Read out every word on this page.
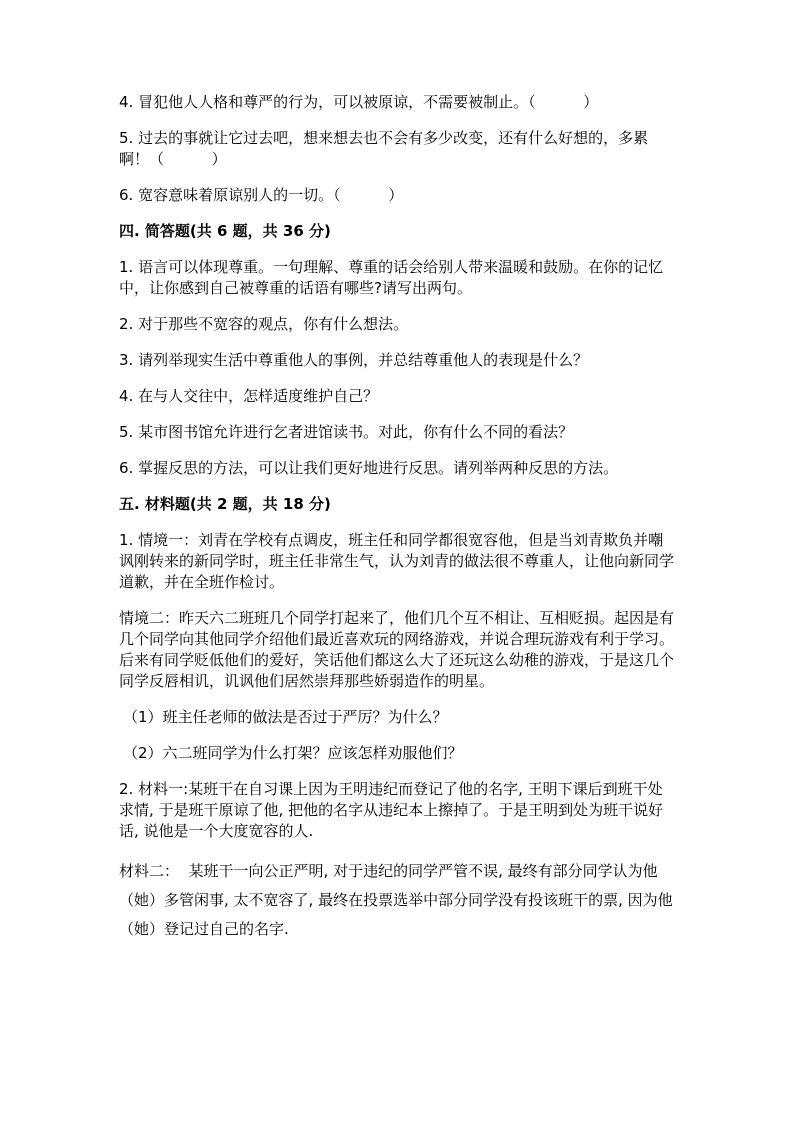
4. 冒犯他人人格和尊严的行为，可以被原谅，不需要被制止。（          ）

5. 过去的事就让它过去吧，想来想去也不会有多少改变，还有什么好想的，多累啊！（          ）

6. 宽容意味着原谅别人的一切。（          ）

四. 简答题(共 6 题，共 36 分)

1. 语言可以体现尊重。一句理解、尊重的话会给别人带来温暖和鼓励。在你的记忆中，让你感到自己被尊重的话语有哪些?请写出两句。

2. 对于那些不宽容的观点，你有什么想法。

3. 请列举现实生活中尊重他人的事例，并总结尊重他人的表现是什么？

4. 在与人交往中，怎样适度维护自己？

5. 某市图书馆允许进行乞者进馆读书。对此，你有什么不同的看法？

6. 掌握反思的方法，可以让我们更好地进行反思。请列举两种反思的方法。

五. 材料题(共 2 题，共 18 分)

1. 情境一：刘青在学校有点调皮，班主任和同学都很宽容他，但是当刘青欺负并嘲讽刚转来的新同学时，班主任非常生气，认为刘青的做法很不尊重人，让他向新同学道歉，并在全班作检讨。

情境二：昨天六二班班几个同学打起来了，他们几个互不相让、互相贬损。起因是有几个同学向其他同学介绍他们最近喜欢玩的网络游戏，并说合理玩游戏有利于学习。后来有同学贬低他们的爱好，笑话他们都这么大了还玩这么幼稚的游戏，于是这几个同学反唇相讥，讥讽他们居然崇拜那些娇弱造作的明星。

（1）班主任老师的做法是否过于严厉？为什么？

（2）六二班同学为什么打架？应该怎样劝服他们？

2. 材料一:某班干在自习课上因为王明违纪而登记了他的名字, 王明下课后到班干处求情, 于是班干原谅了他, 把他的名字从违纪本上擦掉了。于是王明到处为班干说好话, 说他是一个大度宽容的人.

材料二：  某班干一向公正严明, 对于违纪的同学严管不误, 最终有部分同学认为他（她）多管闲事, 太不宽容了, 最终在投票选举中部分同学没有投该班干的票, 因为他（她）登记过自己的名字.
